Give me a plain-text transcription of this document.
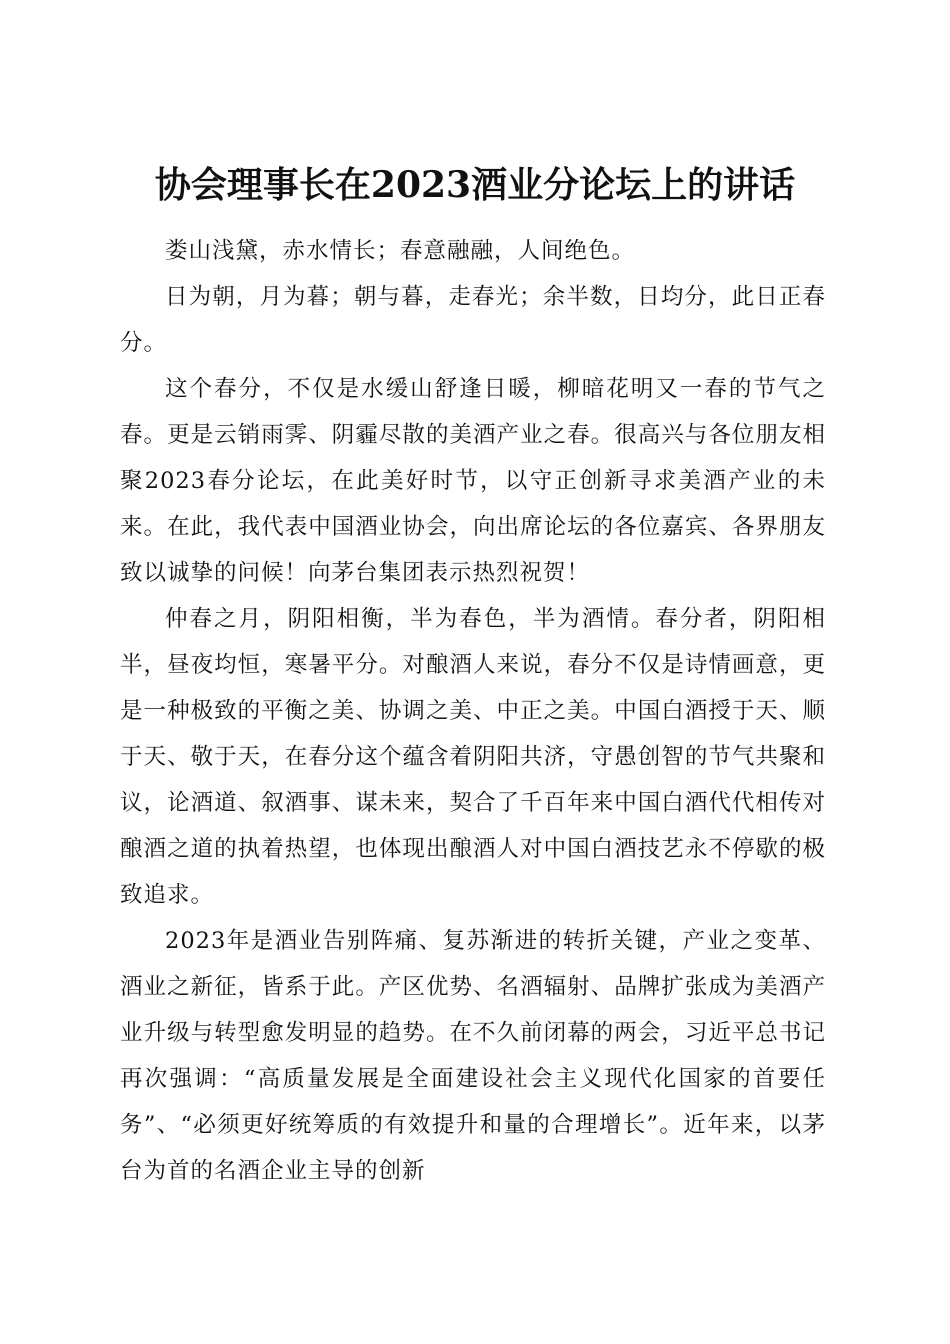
协会理事长在2023酒业分论坛上的讲话

娄山浅黛，赤水情长；春意融融，人间绝色。

日为朝，月为暮；朝与暮，走春光；余半数，日均分，此日正春分。

这个春分，不仅是水缓山舒逢日暖，柳暗花明又一春的节气之春。更是云销雨霁、阴霾尽散的美酒产业之春。很高兴与各位朋友相聚2023春分论坛，在此美好时节，以守正创新寻求美酒产业的未来。在此，我代表中国酒业协会，向出席论坛的各位嘉宾、各界朋友致以诚挚的问候！向茅台集团表示热烈祝贺！

仲春之月，阴阳相衡，半为春色，半为酒情。春分者，阴阳相半，昼夜均恒，寒暑平分。对酿酒人来说，春分不仅是诗情画意，更是一种极致的平衡之美、协调之美、中正之美。中国白酒授于天、顺于天、敬于天，在春分这个蕴含着阴阳共济，守愚创智的节气共聚和议，论酒道、叙酒事、谋未来，契合了千百年来中国白酒代代相传对酿酒之道的执着热望，也体现出酿酒人对中国白酒技艺永不停歇的极致追求。

2023年是酒业告别阵痛、复苏渐进的转折关键，产业之变革、酒业之新征，皆系于此。产区优势、名酒辐射、品牌扩张成为美酒产业升级与转型愈发明显的趋势。在不久前闭幕的两会，习近平总书记再次强调：“高质量发展是全面建设社会主义现代化国家的首要任务”、“必须更好统筹质的有效提升和量的合理增长”。近年来，以茅台为首的名酒企业主导的创新
